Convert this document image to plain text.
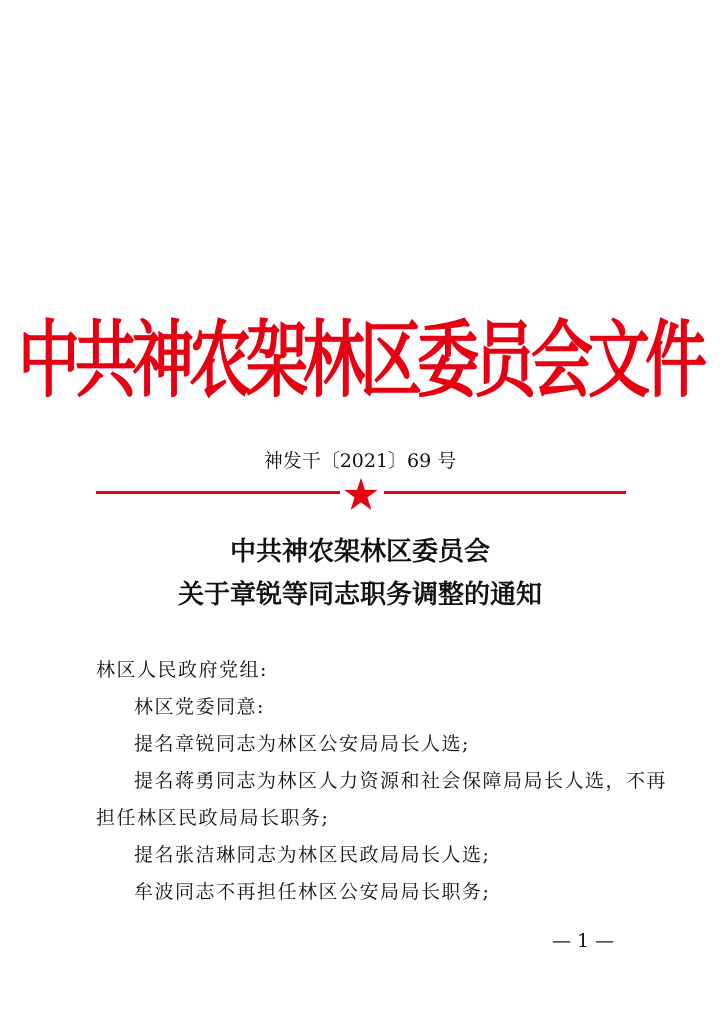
中共神农架林区委员会文件
神发干〔2021〕69 号
中共神农架林区委员会
关于章锐等同志职务调整的通知
林区人民政府党组:
林区党委同意:
提名章锐同志为林区公安局局长人选;
提名蒋勇同志为林区人力资源和社会保障局局长人选，不再
担任林区民政局局长职务;
提名张洁琳同志为林区民政局局长人选;
牟波同志不再担任林区公安局局长职务;
— 1 —
